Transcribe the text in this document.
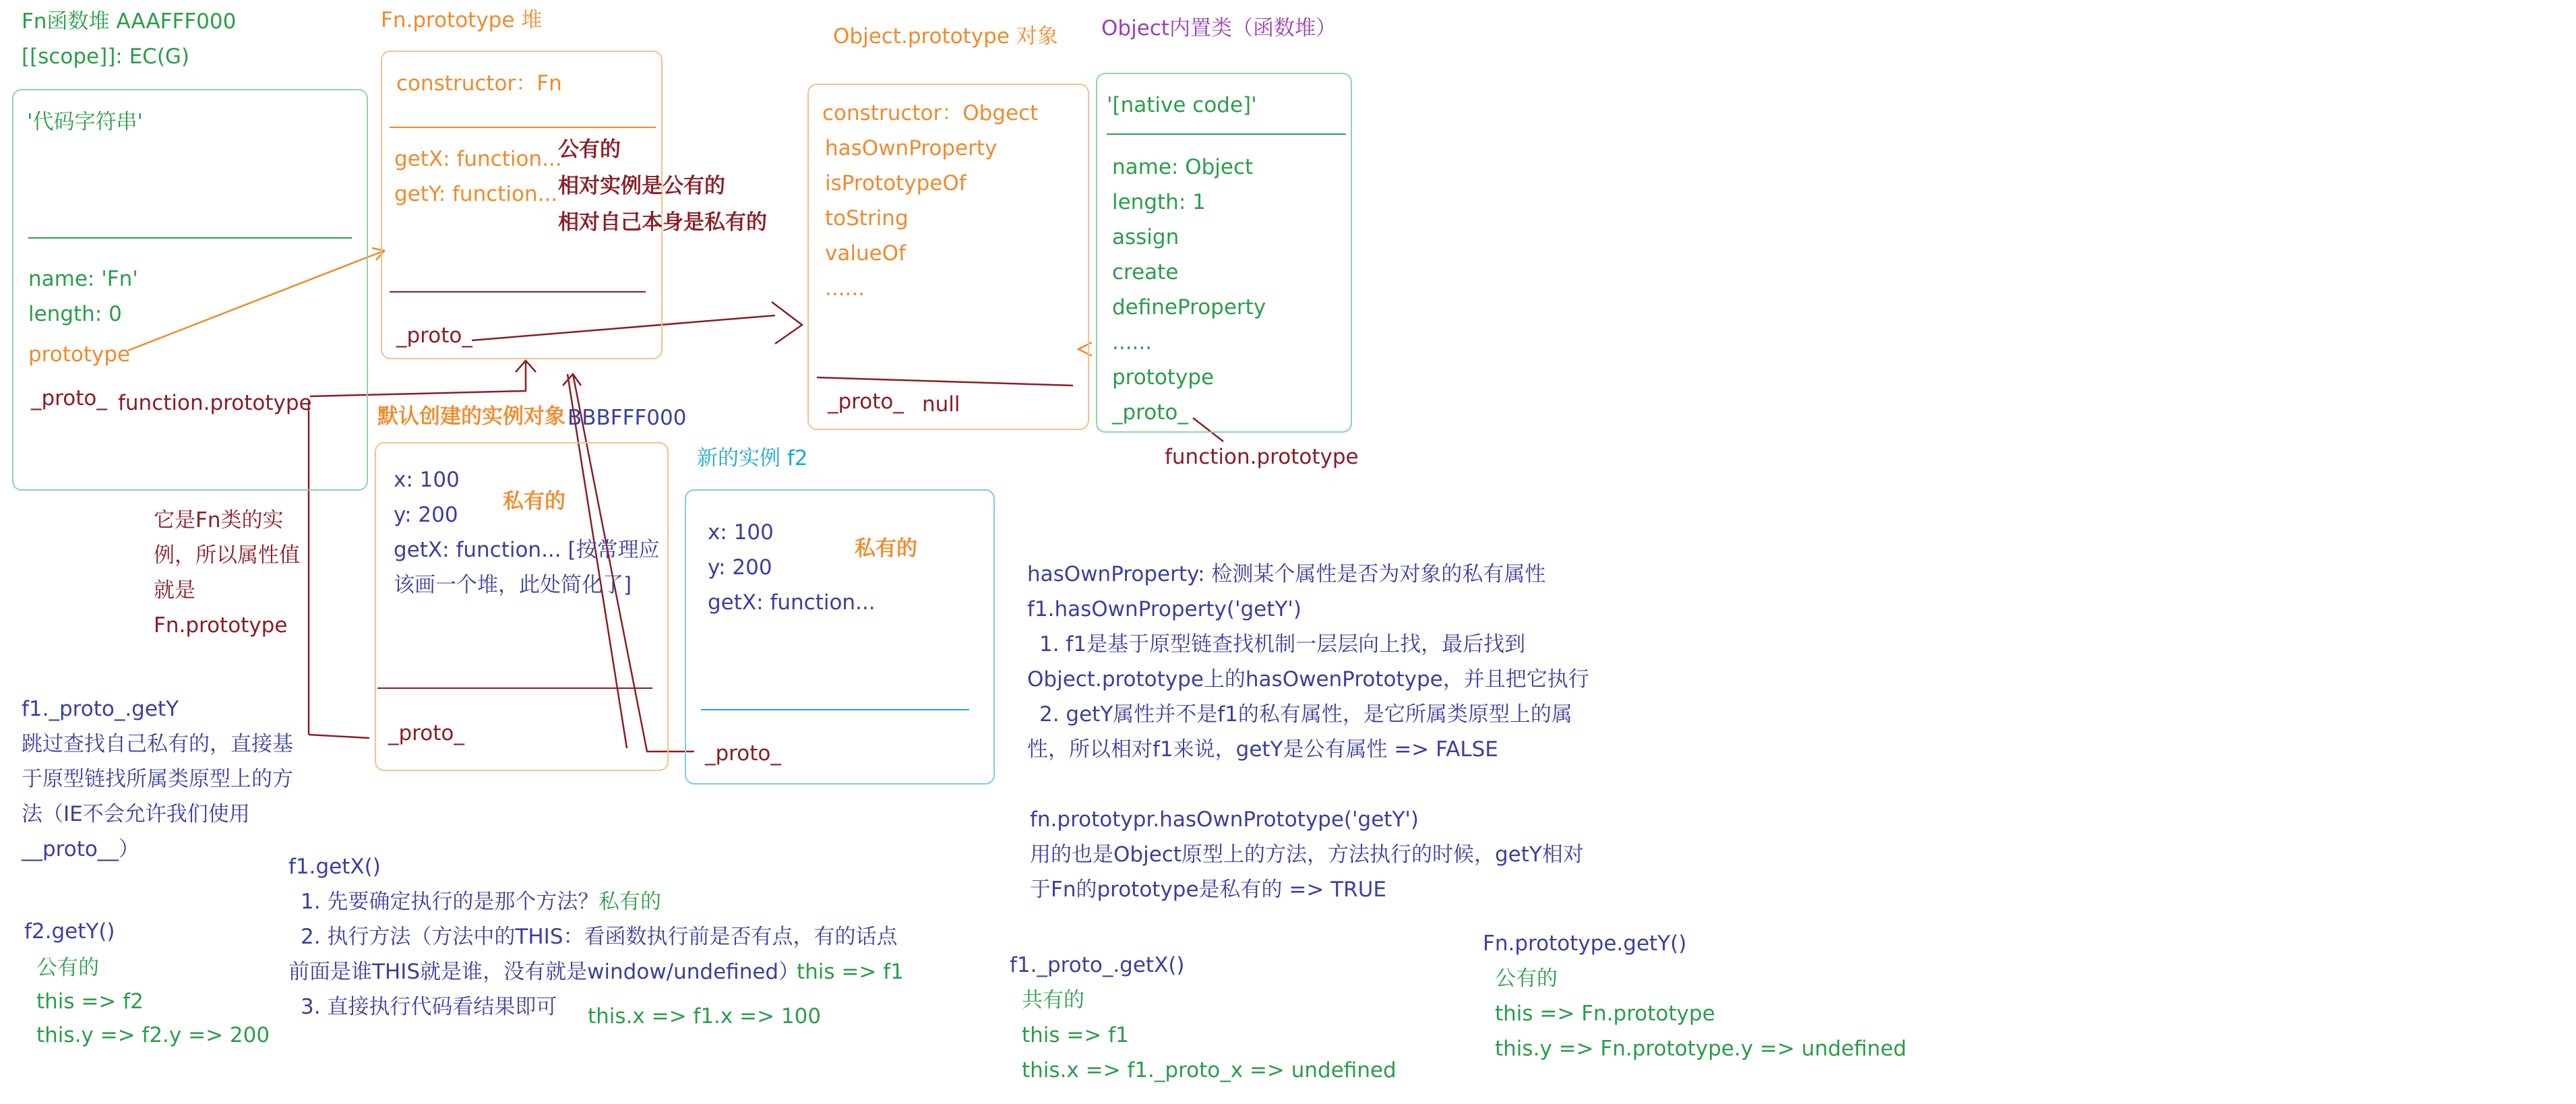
Fn函数堆 AAAFFF000
[[scope]]: EC(G)
'代码字符串'
name: 'Fn'
length: 0
prototype
_proto_ function.prototype
Fn.prototype 堆
constructor：Fn
getX: function...
getY: function...
_proto_
公有的
相对实例是公有的
相对自己本身是私有的
Object.prototype 对象
constructor：Obgect
hasOwnProperty
isPrototypeOf
toString
valueOf
......
_proto_ null
Object内置类（函数堆）
'[native code]'
name: Object
length: 1
assign
create
defineProperty
......
prototype
_proto_
function.prototype
默认创建的实例对象 BBBFFF000
x: 100
y: 200
getX: function... [按常理应
该画一个堆，此处简化了]
私有的
_proto_
新的实例 f2
x: 100
y: 200
getX: function...
私有的
_proto_
它是Fn类的实
例，所以属性值
就是
Fn.prototype
f1._proto_.getY
跳过查找自己私有的，直接基
于原型链找所属类原型上的方
法（IE不会允许我们使用
__proto__）
f2.getY()
公有的
this => f2
this.y => f2.y => 200
f1.getX()
1. 先要确定执行的是那个方法？ 私有的
2. 执行方法（方法中的THIS：看函数执行前是否有点，有的话点
前面是谁THIS就是谁，没有就是window/undefined）
this => f1
3. 直接执行代码看结果即可 this.x => f1.x => 100
hasOwnProperty: 检测某个属性是否为对象的私有属性
f1.hasOwnProperty('getY')
1. f1是基于原型链查找机制一层层向上找，最后找到
Object.prototype上的hasOwenPrototype，并且把它执行
2. getY属性并不是f1的私有属性，是它所属类原型上的属
性，所以相对f1来说，getY是公有属性 => FALSE
fn.prototypr.hasOwnPrototype('getY')
用的也是Object原型上的方法，方法执行的时候，getY相对
于Fn的prototype是私有的 => TRUE
f1._proto_.getX()
共有的
this => f1
this.x => f1._proto_x => undefined
Fn.prototype.getY()
公有的
this => Fn.prototype
this.y => Fn.prototype.y => undefined
